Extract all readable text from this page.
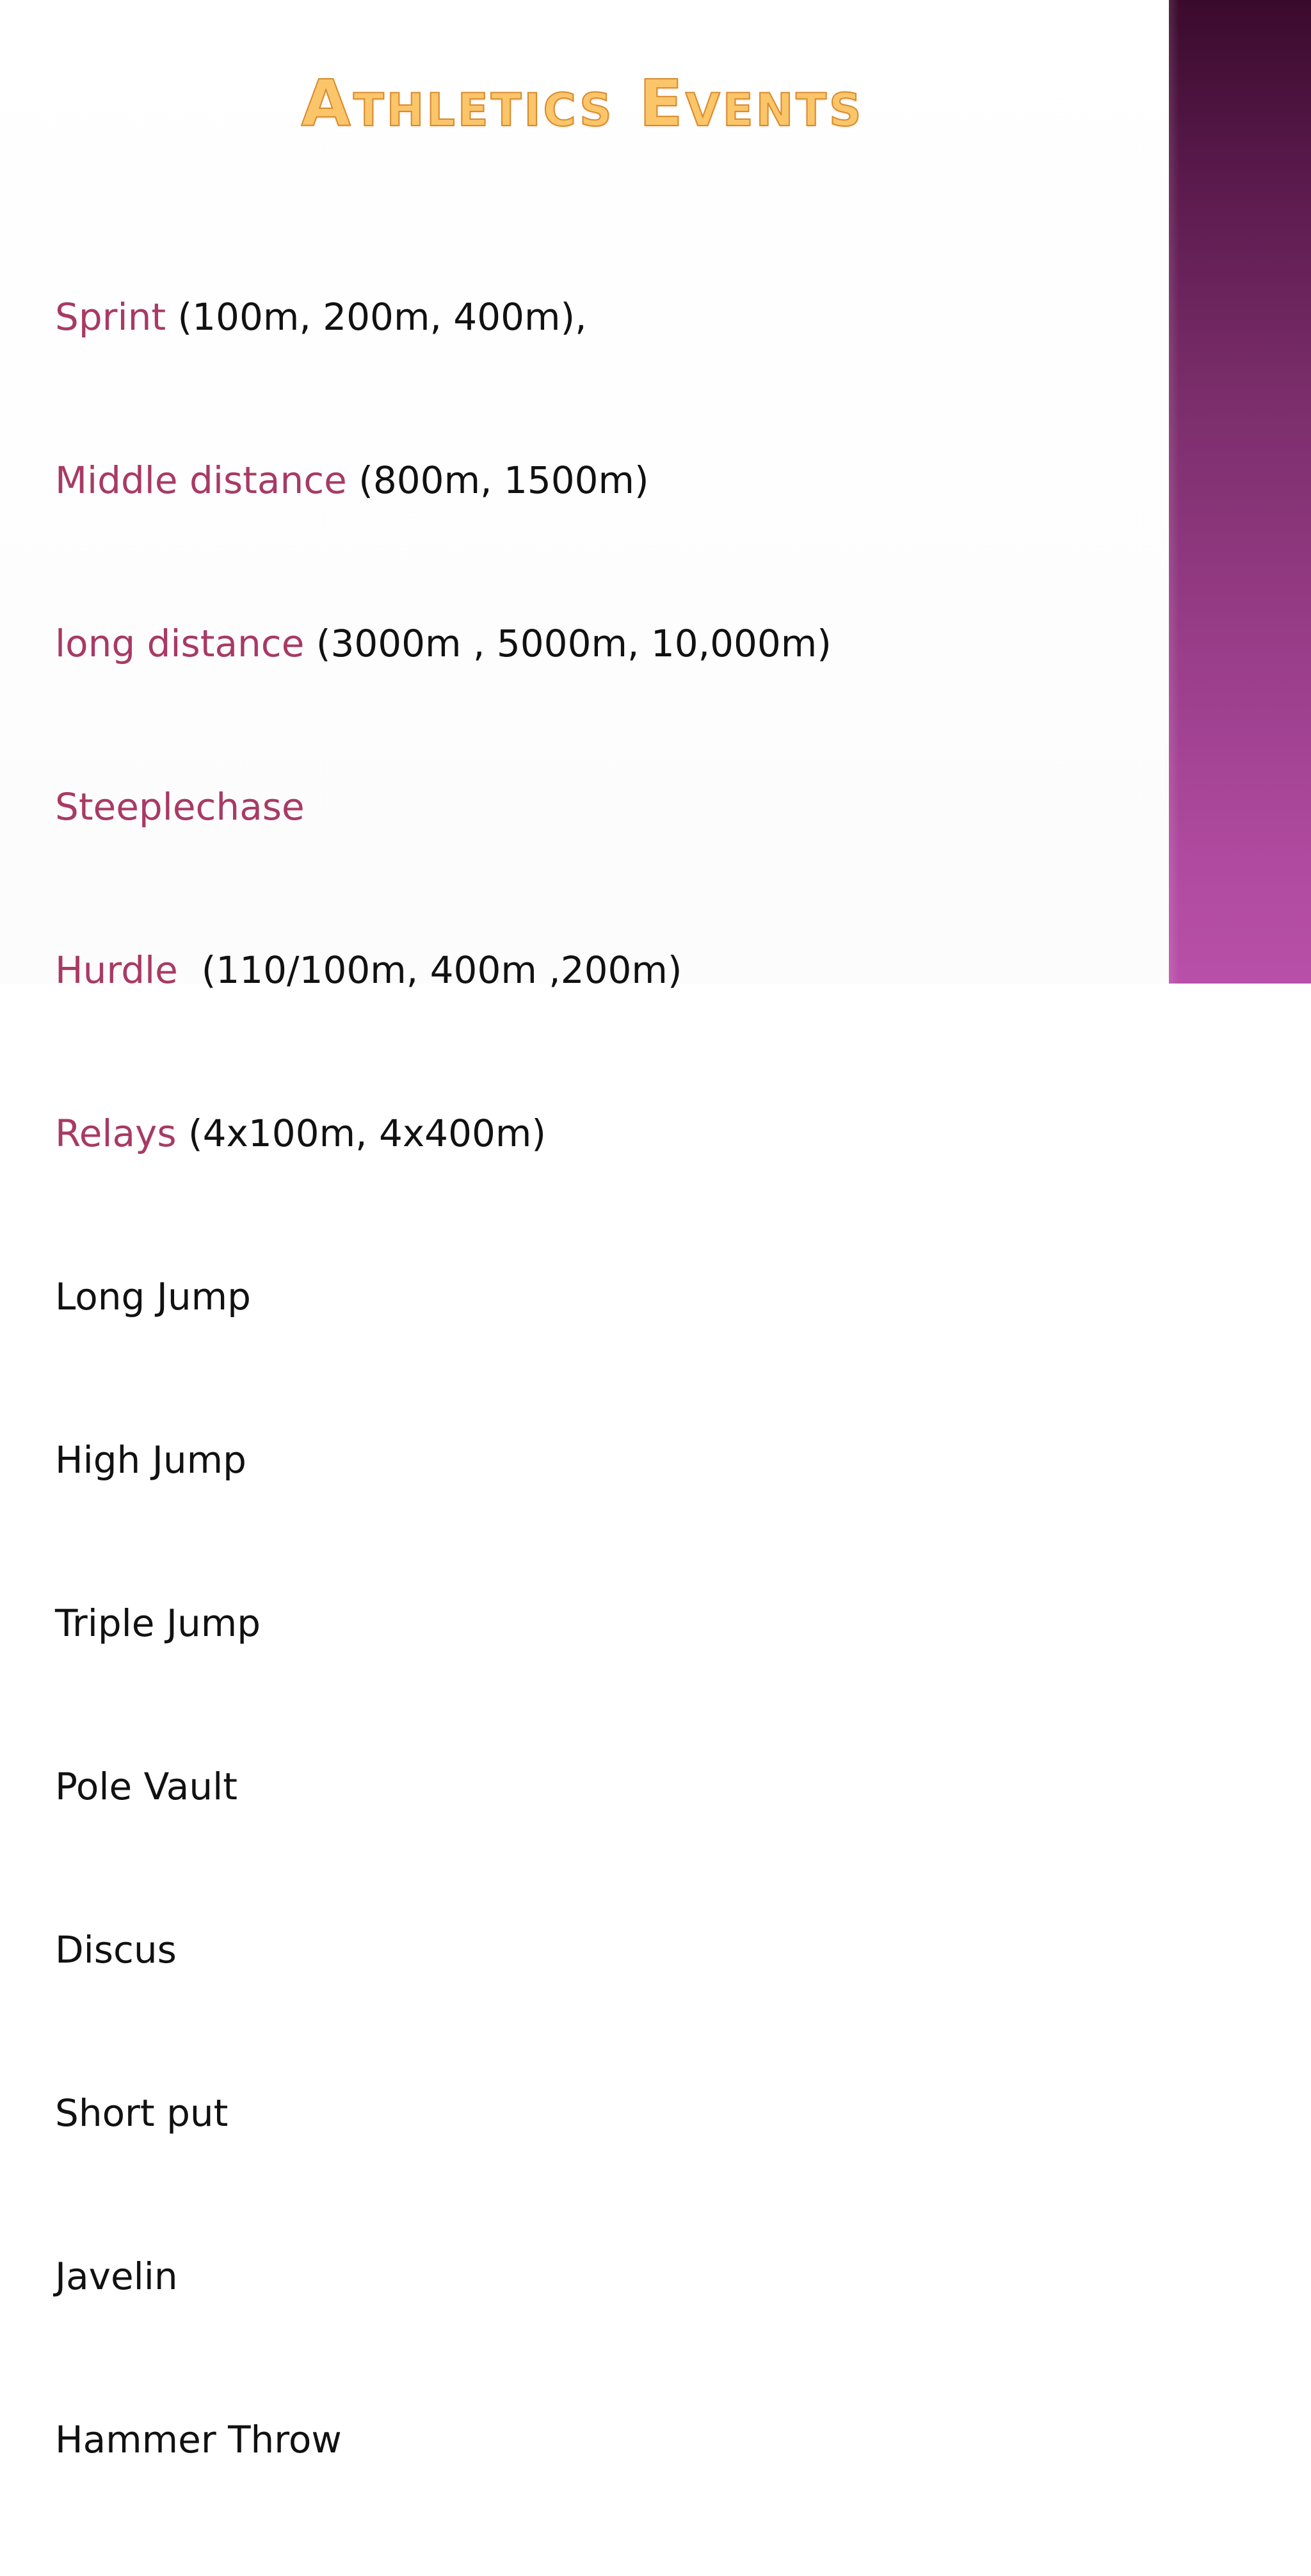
Athletics Events

Sprint (100m, 200m, 400m),

Middle distance (800m, 1500m)

long distance (3000m , 5000m, 10,000m)

Steeplechase

Hurdle  (110/100m, 400m ,200m)

Relays (4x100m, 4x400m)

Long Jump

High Jump

Triple Jump

Pole Vault

Discus

Short put

Javelin

Hammer Throw
